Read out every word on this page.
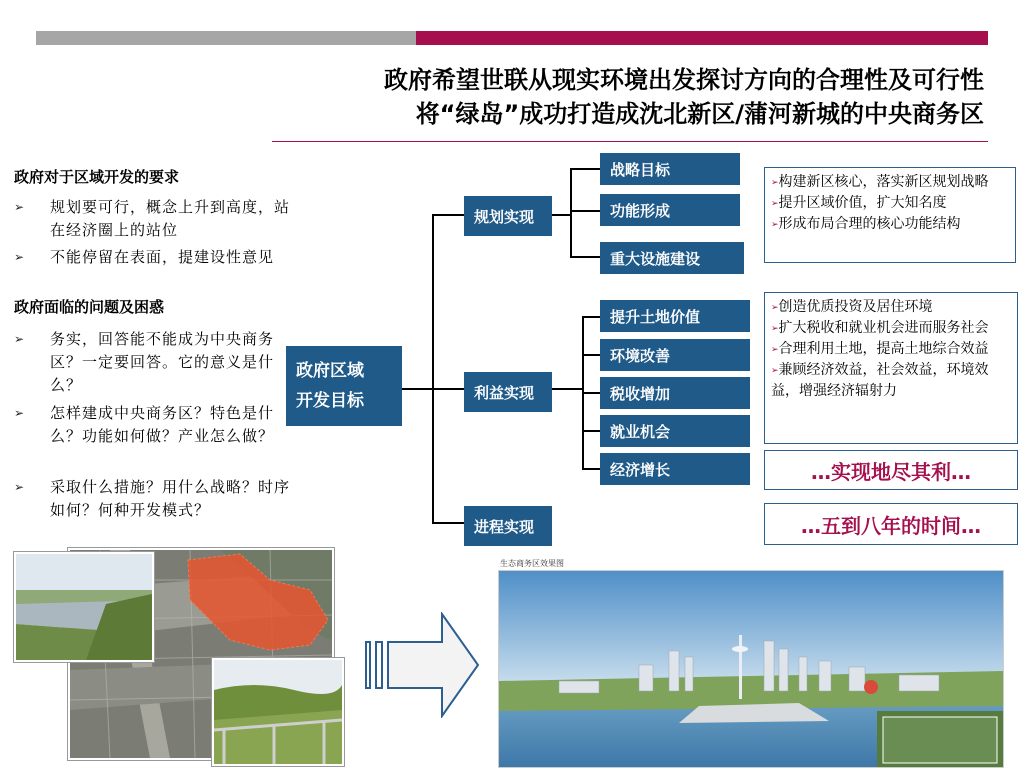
政府希望世联从现实环境出发探讨方向的合理性及可行性
将“绿岛”成功打造成沈北新区/蒲河新城的中央商务区
政府对于区域开发的要求
➢	规划要可行，概念上升到高度，站在经济圈上的站位
➢	不能停留在表面，提建设性意见
政府面临的问题及困惑
➢	务实，回答能不能成为中央商务区？一定要回答。它的意义是什么？
➢	怎样建成中央商务区？特色是什么？功能如何做？产业怎么做？
➢	采取什么措施？用什么战略？时序如何？何种开发模式？
政府区域
开发目标
规划实现
利益实现
进程实现
战略目标
功能形成
重大设施建设
提升土地价值
环境改善
税收增加
就业机会
经济增长
➢构建新区核心，落实新区规划战略
➢提升区域价值，扩大知名度
➢形成布局合理的核心功能结构
➢创造优质投资及居住环境
➢扩大税收和就业机会进而服务社会
➢合理利用土地，提高土地综合效益
➢兼顾经济效益，社会效益，环境效益，增强经济辐射力
…实现地尽其利…
…五到八年的时间…
生态商务区效果图
